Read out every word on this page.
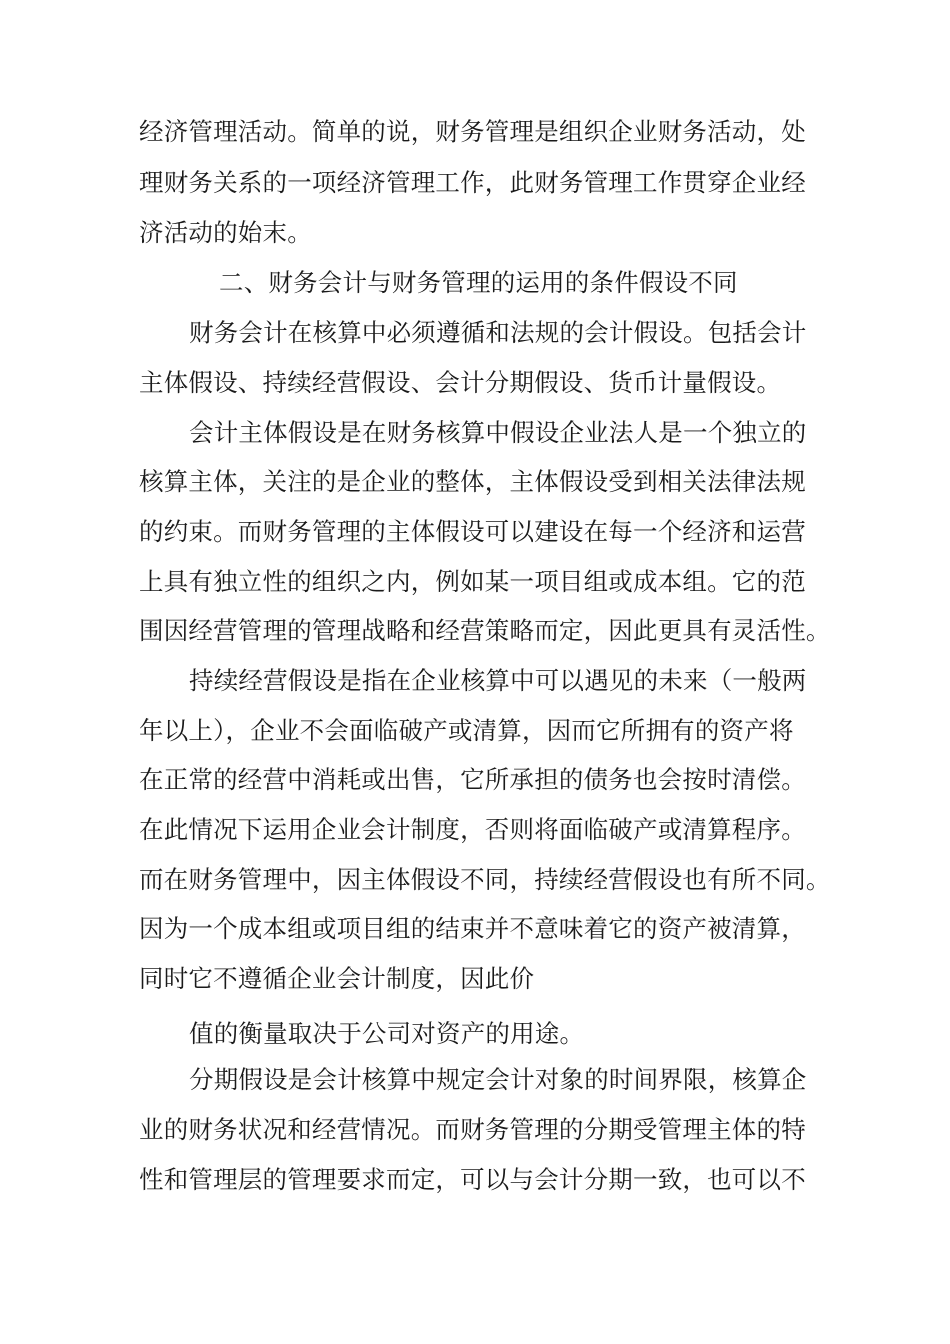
经济管理活动。简单的说，财务管理是组织企业财务活动，处
理财务关系的一项经济管理工作，此财务管理工作贯穿企业经
济活动的始末。
二、财务会计与财务管理的运用的条件假设不同
财务会计在核算中必须遵循和法规的会计假设。包括会计
主体假设、持续经营假设、会计分期假设、货币计量假设。
会计主体假设是在财务核算中假设企业法人是一个独立的
核算主体，关注的是企业的整体，主体假设受到相关法律法规
的约束。而财务管理的主体假设可以建设在每一个经济和运营
上具有独立性的组织之内，例如某一项目组或成本组。它的范
围因经营管理的管理战略和经营策略而定，因此更具有灵活性。
持续经营假设是指在企业核算中可以遇见的未来（一般两
年以上），企业不会面临破产或清算，因而它所拥有的资产将
在正常的经营中消耗或出售，它所承担的债务也会按时清偿。
在此情况下运用企业会计制度，否则将面临破产或清算程序。
而在财务管理中，因主体假设不同，持续经营假设也有所不同。
因为一个成本组或项目组的结束并不意味着它的资产被清算，
同时它不遵循企业会计制度，因此价
值的衡量取决于公司对资产的用途。
分期假设是会计核算中规定会计对象的时间界限，核算企
业的财务状况和经营情况。而财务管理的分期受管理主体的特
性和管理层的管理要求而定，可以与会计分期一致，也可以不
